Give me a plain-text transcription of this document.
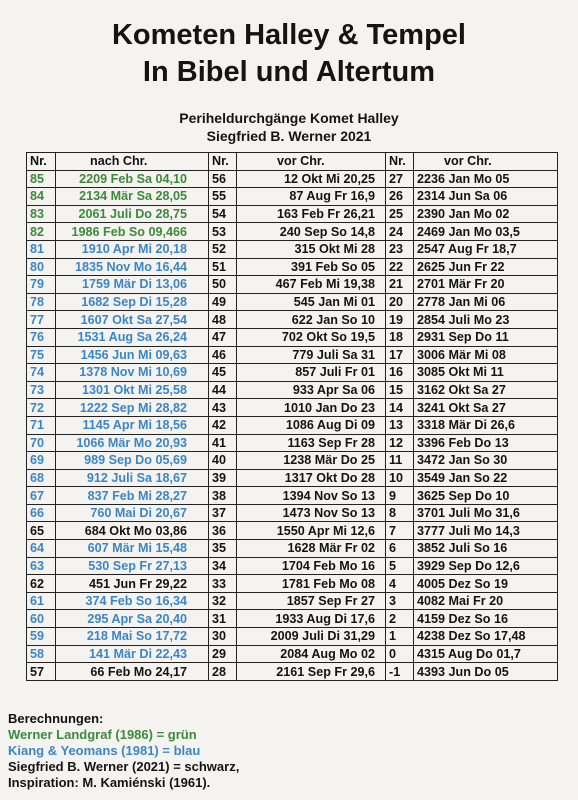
Kometen Halley & Tempel
In Bibel und Altertum
Periheldurchgänge Komet Halley
Siegfried B. Werner 2021
Nr.	nach Chr.	Nr.	vor Chr.	Nr.	vor Chr.
85	2209 Feb Sa 04,10	56	12 Okt Mi 20,25	27	2236 Jan Mo 05
84	2134 Mär Sa 28,05	55	87 Aug Fr 16,9	26	2314 Jun Sa 06
83	2061 Juli Do 28,75	54	163 Feb Fr 26,21	25	2390 Jan Mo 02
82	1986 Feb So 09,466	53	240 Sep So 14,8	24	2469 Jan Mo 03,5
81	1910 Apr Mi 20,18	52	315 Okt Mi 28	23	2547 Aug Fr 18,7
80	1835 Nov Mo 16,44	51	391 Feb So 05	22	2625 Jun Fr 22
79	1759 Mär Di 13,06	50	467 Feb Mi 19,38	21	2701 Mär Fr 20
78	1682 Sep Di 15,28	49	545 Jan Mi 01	20	2778 Jan Mi 06
77	1607 Okt Sa 27,54	48	622 Jan So 10	19	2854 Juli Mo 23
76	1531 Aug Sa 26,24	47	702 Okt So 19,5	18	2931 Sep Do 11
75	1456 Jun Mi 09,63	46	779 Juli Sa 31	17	3006 Mär Mi 08
74	1378 Nov Mi 10,69	45	857 Juli Fr 01	16	3085 Okt Mi 11
73	1301 Okt Mi 25,58	44	933 Apr Sa 06	15	3162 Okt Sa 27
72	1222 Sep Mi 28,82	43	1010 Jan Do 23	14	3241 Okt Sa 27
71	1145 Apr Mi 18,56	42	1086 Aug Di 09	13	3318 Mär Di 26,6
70	1066 Mär Mo 20,93	41	1163 Sep Fr 28	12	3396 Feb Do 13
69	989 Sep Do 05,69	40	1238 Mär Do 25	11	3472 Jan So 30
68	912 Juli Sa 18,67	39	1317 Okt Do 28	10	3549 Jan So 22
67	837 Feb Mi 28,27	38	1394 Nov So 13	9	3625 Sep Do 10
66	760 Mai Di 20,67	37	1473 Nov So 13	8	3701 Juli Mo 31,6
65	684 Okt Mo 03,86	36	1550 Apr Mi 12,6	7	3777 Juli Mo 14,3
64	607 Mär Mi 15,48	35	1628 Mär Fr 02	6	3852 Juli So 16
63	530 Sep Fr 27,13	34	1704 Feb Mo 16	5	3929 Sep Do 12,6
62	451 Jun Fr 29,22	33	1781 Feb Mo 08	4	4005 Dez So 19
61	374 Feb So 16,34	32	1857 Sep Fr 27	3	4082 Mai Fr 20
60	295 Apr Sa 20,40	31	1933 Aug Di 17,6	2	4159 Dez So 16
59	218 Mai So 17,72	30	2009 Juli Di 31,29	1	4238 Dez So 17,48
58	141 Mär Di 22,43	29	2084 Aug Mo 02	0	4315 Aug Do 01,7
57	66 Feb Mo 24,17	28	2161 Sep Fr 29,6	-1	4393 Jun Do 05
Berechnungen:
Werner Landgraf (1986) = grün
Kiang & Yeomans (1981) = blau
Siegfried B. Werner (2021) = schwarz,
Inspiration: M. Kamiénski (1961).
